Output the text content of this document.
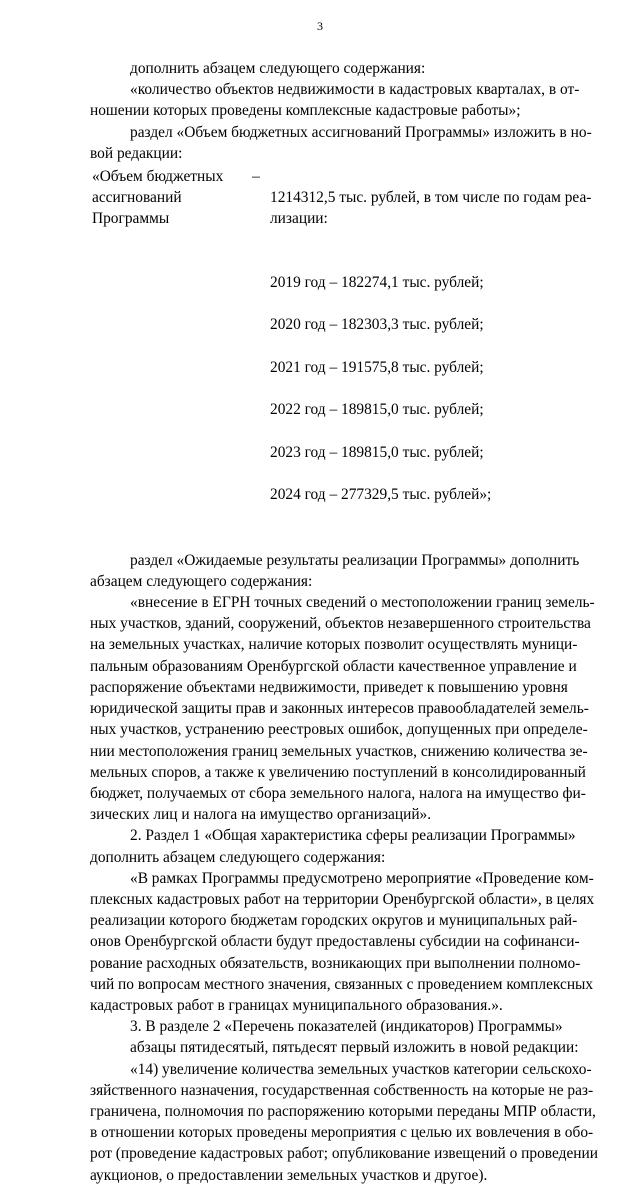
3

дополнить абзацем следующего содержания:

«количество объектов недвижимости в кадастровых кварталах, в от-
ношении которых проведены комплексные кадастровые работы»;

раздел «Объем бюджетных ассигнований Программы» изложить в но-
вой редакции:

«Объем бюджетных
ассигнований
Программы
–

1214312,5 тыс. рублей, в том числе по годам реа-
лизации:

2019 год – 182274,1 тыс. рублей;

2020 год – 182303,3 тыс. рублей;

2021 год – 191575,8 тыс. рублей;

2022 год – 189815,0 тыс. рублей;

2023 год – 189815,0 тыс. рублей;

2024 год – 277329,5 тыс. рублей»;

раздел «Ожидаемые результаты реализации Программы» дополнить
абзацем следующего содержания:

«внесение в ЕГРН точных сведений о местоположении границ земель-
ных участков, зданий, сооружений, объектов незавершенного строительства
на земельных участках, наличие которых позволит осуществлять муници-
пальным образованиям Оренбургской области качественное управление и
распоряжение объектами недвижимости, приведет к повышению уровня
юридической защиты прав и законных интересов правообладателей земель-
ных участков, устранению реестровых ошибок, допущенных при определе-
нии местоположения границ земельных участков, снижению количества зе-
мельных споров, а также к увеличению поступлений в консолидированный
бюджет, получаемых от сбора земельного налога, налога на имущество фи-
зических лиц и налога на имущество организаций».

2. Раздел 1 «Общая характеристика сферы реализации Программы»
дополнить абзацем следующего содержания:

«В рамках Программы предусмотрено мероприятие «Проведение ком-
плексных кадастровых работ на территории Оренбургской области», в целях
реализации которого бюджетам городских округов и муниципальных рай-
онов Оренбургской области будут предоставлены субсидии на софинанси-
рование расходных обязательств, возникающих при выполнении полномо-
чий по вопросам местного значения, связанных с проведением комплексных
кадастровых работ в границах муниципального образования.».

3. В разделе 2 «Перечень показателей (индикаторов) Программы»

абзацы пятидесятый, пятьдесят первый изложить в новой редакции:

«14) увеличение количества земельных участков категории сельскохо-
зяйственного назначения, государственная собственность на которые не раз-
граничена, полномочия по распоряжению которыми переданы МПР области,
в отношении которых проведены мероприятия с целью их вовлечения в обо-
рот (проведение кадастровых работ; опубликование извещений о проведении
аукционов, о предоставлении земельных участков и другое).
